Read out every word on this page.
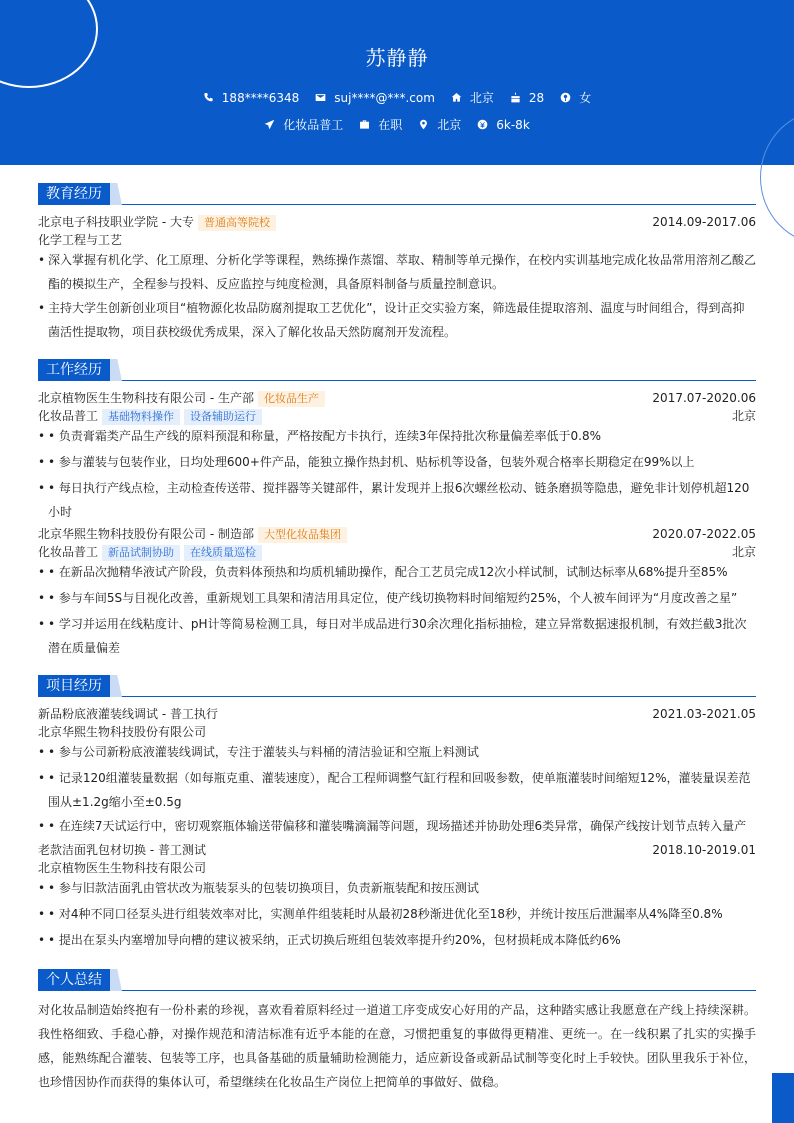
苏静静
188****6348	suj****@***.com	北京	28	女
化妆品普工	在职	北京	6k-8k
教育经历
北京电子科技职业学院 - 大专 普通高等院校	2014.09-2017.06
化学工程与工艺
• 深入掌握有机化学、化工原理、分析化学等课程，熟练操作蒸馏、萃取、精制等单元操作，在校内实训基地完成化妆品常用溶剂乙酸乙酯的模拟生产，全程参与投料、反应监控与纯度检测，具备原料制备与质量控制意识。
• 主持大学生创新创业项目“植物源化妆品防腐剂提取工艺优化”，设计正交实验方案，筛选最佳提取溶剂、温度与时间组合，得到高抑菌活性提取物，项目获校级优秀成果，深入了解化妆品天然防腐剂开发流程。
工作经历
北京植物医生生物科技有限公司 - 生产部 化妆品生产	2017.07-2020.06
化妆品普工 基础物料操作 设备辅助运行	北京
• • 负责膏霜类产品生产线的原料预混和称量，严格按配方卡执行，连续3年保持批次称量偏差率低于0.8%
• • 参与灌装与包装作业，日均处理600+件产品，能独立操作热封机、贴标机等设备，包装外观合格率长期稳定在99%以上
• • 每日执行产线点检，主动检查传送带、搅拌器等关键部件，累计发现并上报6次螺丝松动、链条磨损等隐患，避免非计划停机超120小时
北京华熙生物科技股份有限公司 - 制造部 大型化妆品集团	2020.07-2022.05
化妆品普工 新品试制协助 在线质量巡检	北京
• • 在新品次抛精华液试产阶段，负责料体预热和均质机辅助操作，配合工艺员完成12次小样试制，试制达标率从68%提升至85%
• • 参与车间5S与目视化改善，重新规划工具架和清洁用具定位，使产线切换物料时间缩短约25%，个人被车间评为“月度改善之星”
• • 学习并运用在线粘度计、pH计等简易检测工具，每日对半成品进行30余次理化指标抽检，建立异常数据速报机制，有效拦截3批次潜在质量偏差
项目经历
新品粉底液灌装线调试 - 普工执行	2021.03-2021.05
北京华熙生物科技股份有限公司
• • 参与公司新粉底液灌装线调试，专注于灌装头与料桶的清洁验证和空瓶上料测试
• • 记录120组灌装量数据（如每瓶克重、灌装速度），配合工程师调整气缸行程和回吸参数，使单瓶灌装时间缩短12%，灌装量误差范围从±1.2g缩小至±0.5g
• • 在连续7天试运行中，密切观察瓶体输送带偏移和灌装嘴滴漏等问题，现场描述并协助处理6类异常，确保产线按计划节点转入量产
老款洁面乳包材切换 - 普工测试	2018.10-2019.01
北京植物医生生物科技有限公司
• • 参与旧款洁面乳由管状改为瓶装泵头的包装切换项目，负责新瓶装配和按压测试
• • 对4种不同口径泵头进行组装效率对比，实测单件组装耗时从最初28秒渐进优化至18秒，并统计按压后泄漏率从4%降至0.8%
• • 提出在泵头内塞增加导向槽的建议被采纳，正式切换后班组包装效率提升约20%，包材损耗成本降低约6%
个人总结
对化妆品制造始终抱有一份朴素的珍视，喜欢看着原料经过一道道工序变成安心好用的产品，这种踏实感让我愿意在产线上持续深耕。我性格细致、手稳心静，对操作规范和清洁标准有近乎本能的在意，习惯把重复的事做得更精准、更统一。在一线积累了扎实的实操手感，能熟练配合灌装、包装等工序，也具备基础的质量辅助检测能力，适应新设备或新品试制等变化时上手较快。团队里我乐于补位，也珍惜因协作而获得的集体认可，希望继续在化妆品生产岗位上把简单的事做好、做稳。
